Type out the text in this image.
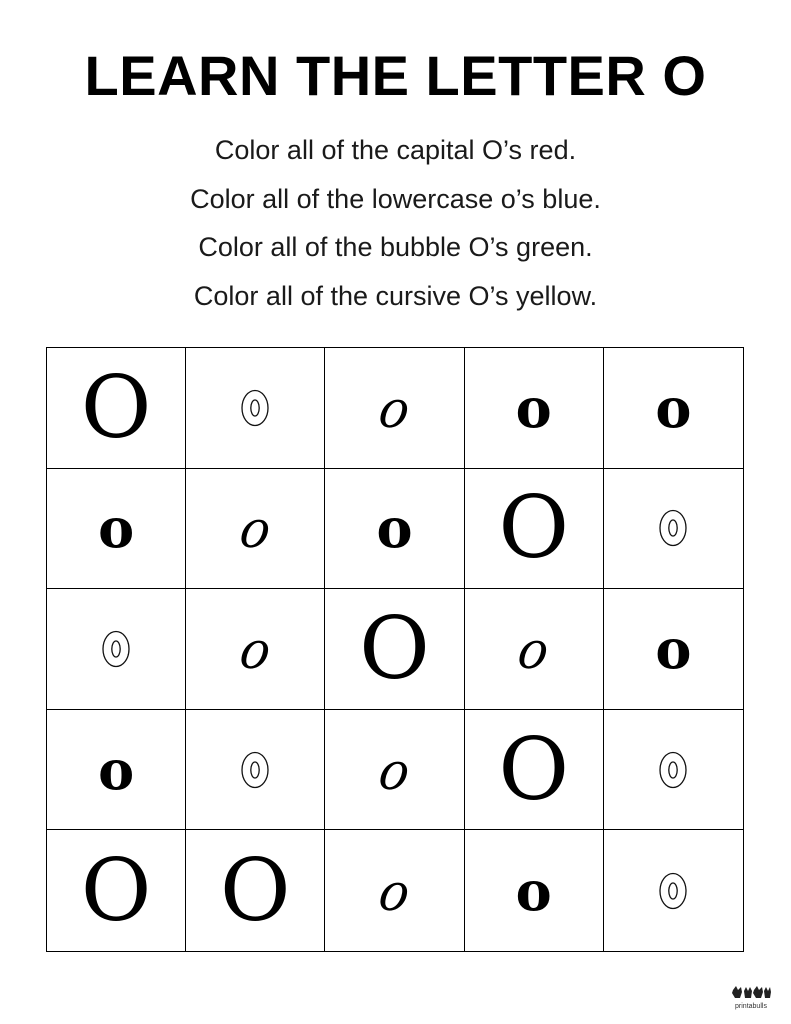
LEARN THE LETTER O
Color all of the capital O’s red.
Color all of the lowercase o’s blue.
Color all of the bubble O’s green.
Color all of the cursive O’s yellow.
O	o o o
o o o O
o O o o
o	o O
O O o o
printabulls
